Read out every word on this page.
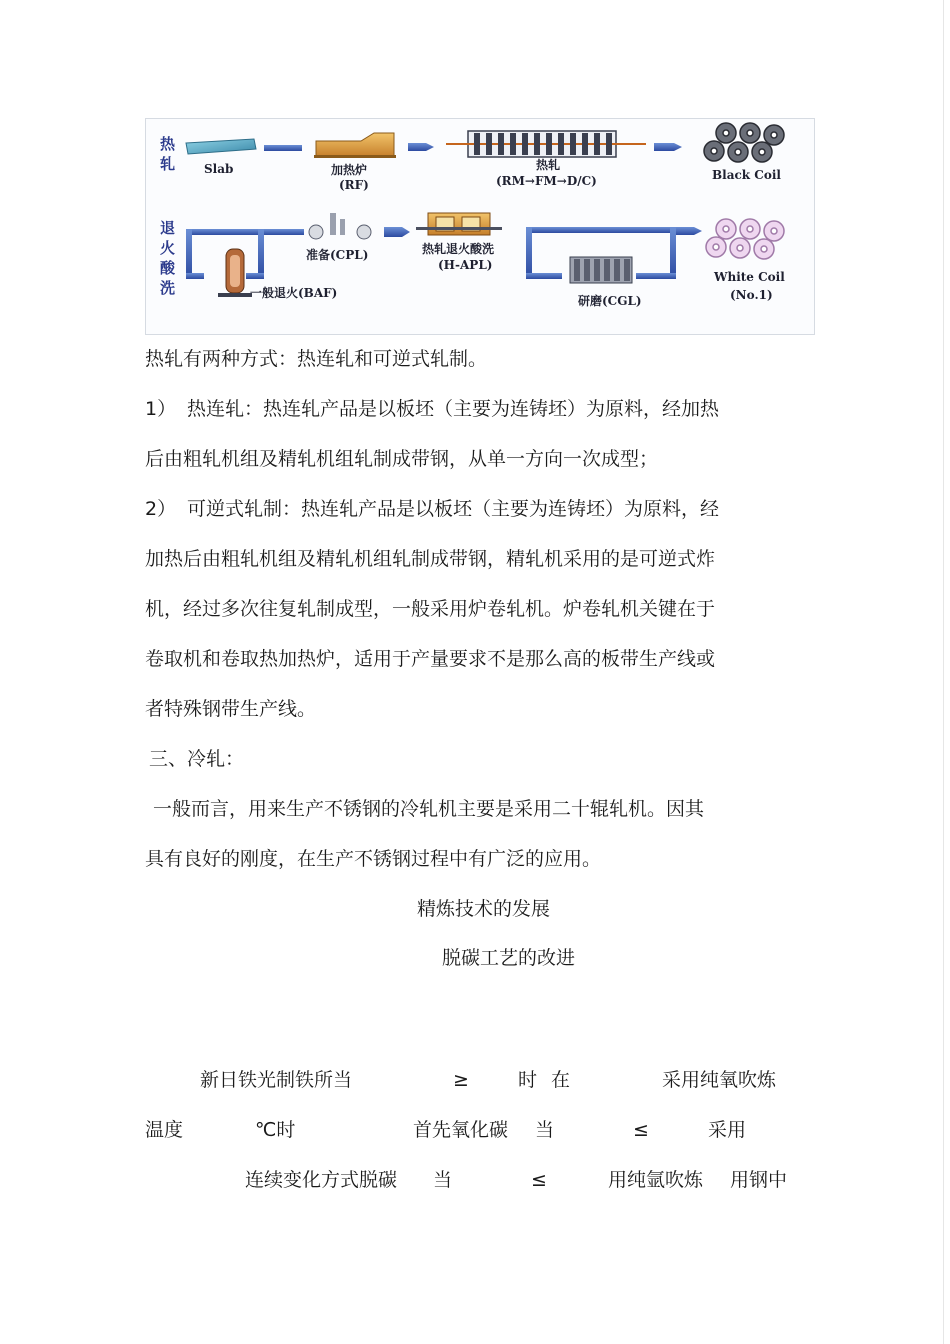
热
轧
退
火
酸
洗
Slab	加热炉
(RF)
热轧
(RM→FM→D/C)	Black Coil
一般退火(BAF)
准备(CPL)	热轧退火酸洗
(H-APL)
研磨(CGL)
White Coil
(No.1)
热轧有两种方式：热连轧和可逆式轧制。
1） 热连轧：热连轧产品是以板坯（主要为连铸坯）为原料，经加热
后由粗轧机组及精轧机组轧制成带钢，从单一方向一次成型；
2） 可逆式轧制：热连轧产品是以板坯（主要为连铸坯）为原料，经
加热后由粗轧机组及精轧机组轧制成带钢，精轧机采用的是可逆式炸
机，经过多次往复轧制成型，一般采用炉卷轧机。炉卷轧机关键在于
卷取机和卷取热加热炉，适用于产量要求不是那么高的板带生产线或
者特殊钢带生产线。
三、冷轧：
一般而言，用来生产不锈钢的冷轧机主要是采用二十辊轧机。因其
具有良好的刚度，在生产不锈钢过程中有广泛的应用。
精炼技术的发展
脱碳工艺的改进
新日铁光制铁所当	≥	时 在	采用纯氧吹炼
温度	℃时	首先氧化碳 当	≤	采用
连续变化方式脱碳 当	≤	用纯氩吹炼 用钢中
